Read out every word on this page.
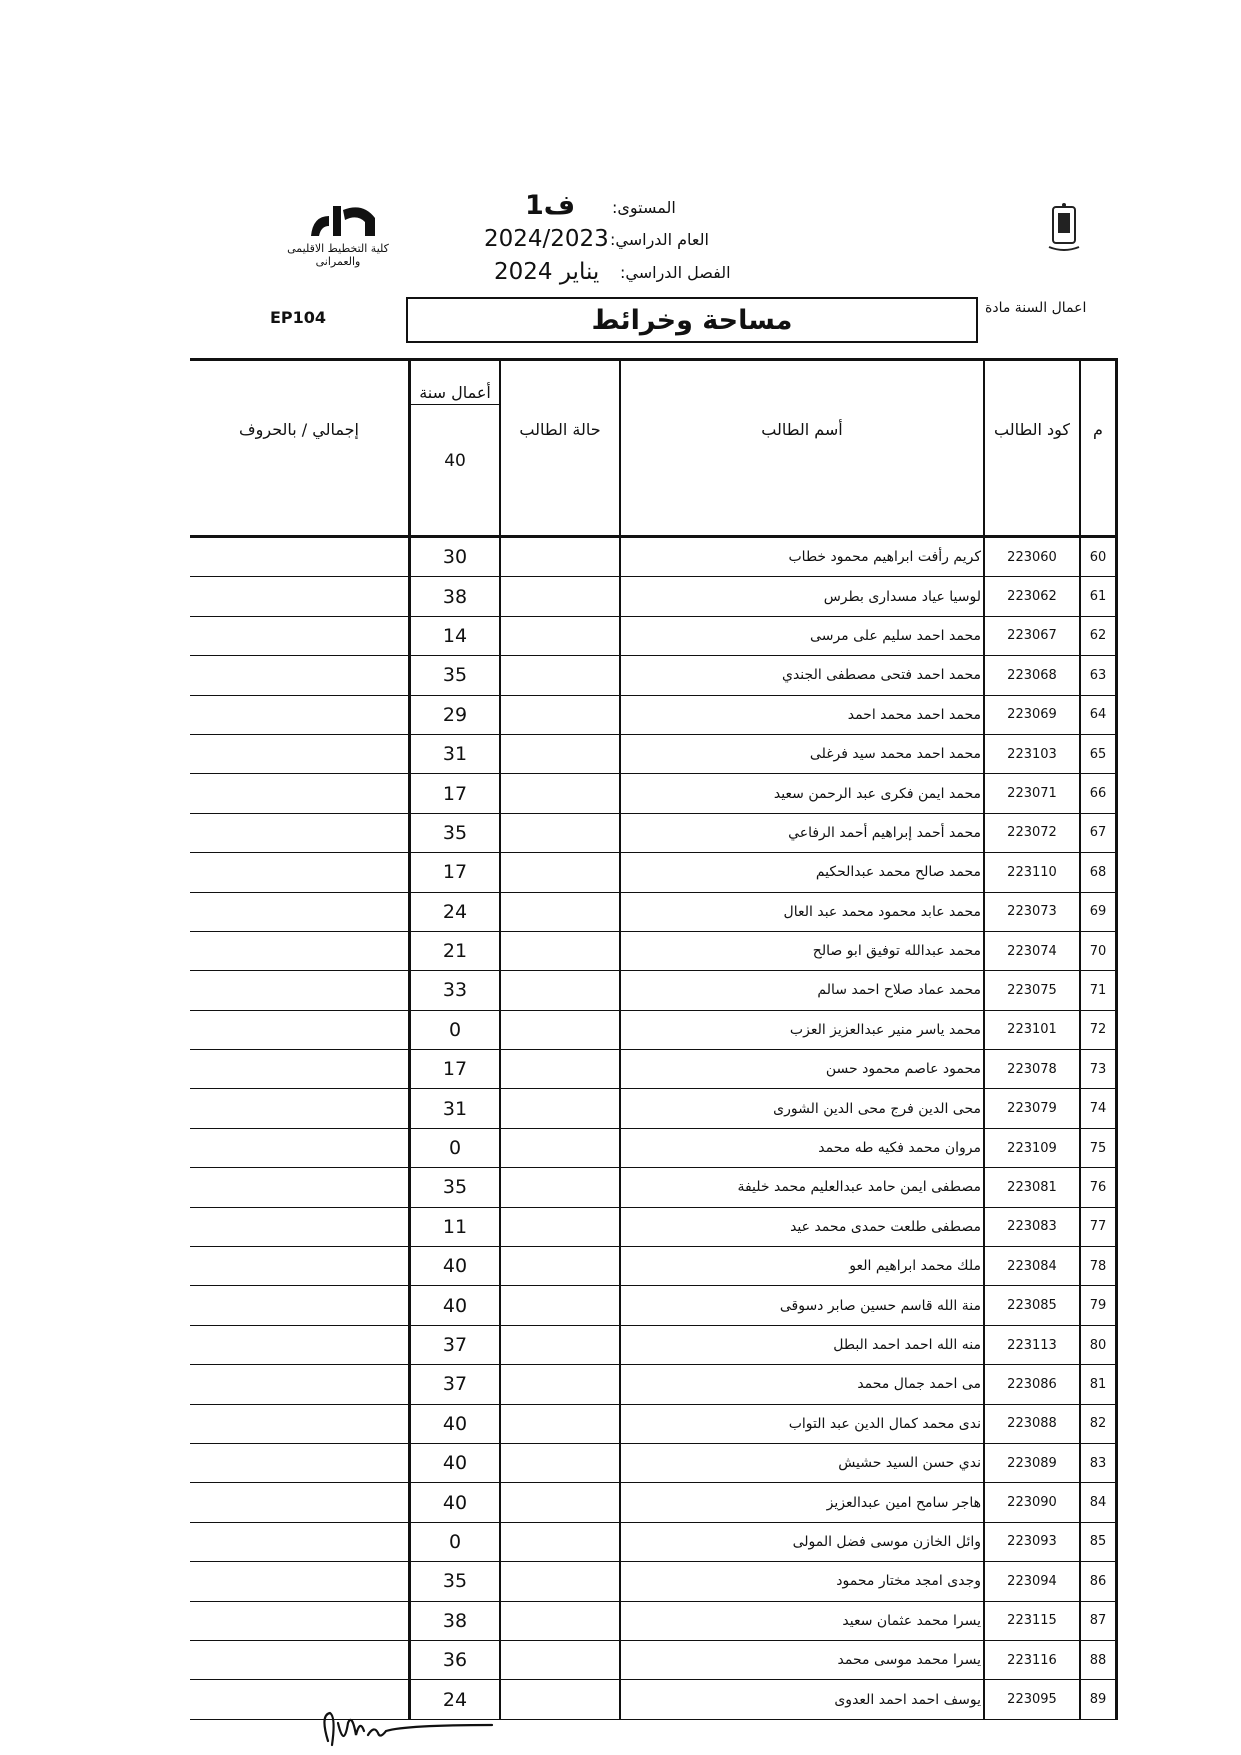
المستوى:
ف1
العام الدراسي:
2024/2023
الفصل الدراسي:
يناير 2024
اعمال السنة مادة
مساحة وخرائط
EP104
كلية التخطيط الاقليمى
والعمرانى
م	كود الطالب	أسم الطالب	حالة الطالب	أعمال سنة
40	إجمالي / بالحروف
60	223060	كريم رأفت ابراهيم محمود خطاب		30	
61	223062	لوسيا عياد مسدارى بطرس		38	
62	223067	محمد احمد سليم على مرسى		14	
63	223068	محمد احمد فتحى مصطفى الجندي		35	
64	223069	محمد احمد محمد احمد		29	
65	223103	محمد احمد محمد سيد فرغلى		31	
66	223071	محمد ايمن فكرى عبد الرحمن سعيد		17	
67	223072	محمد أحمد إبراهيم أحمد الرفاعي		35	
68	223110	محمد صالح محمد عبدالحكيم		17	
69	223073	محمد عابد محمود محمد عبد العال		24	
70	223074	محمد عبدالله توفيق ابو صالح		21	
71	223075	محمد عماد صلاح احمد سالم		33	
72	223101	محمد ياسر منير عبدالعزيز العزب		0	
73	223078	محمود عاصم محمود حسن		17	
74	223079	محى الدين فرج محى الدين الشورى		31	
75	223109	مروان محمد فكيه طه محمد		0	
76	223081	مصطفى ايمن حامد عبدالعليم محمد خليفة		35	
77	223083	مصطفى طلعت حمدى محمد عيد		11	
78	223084	ملك محمد ابراهيم العو		40	
79	223085	منة الله قاسم حسين صابر دسوقى		40	
80	223113	منه الله احمد احمد البطل		37	
81	223086	مى احمد جمال محمد		37	
82	223088	ندى محمد كمال الدين عبد التواب		40	
83	223089	ندي حسن السيد حشيش		40	
84	223090	هاجر سامح امين عبدالعزيز		40	
85	223093	وائل الخازن موسى فضل المولى		0	
86	223094	وجدى امجد مختار محمود		35	
87	223115	يسرا محمد عثمان سعيد		38	
88	223116	يسرا محمد موسى محمد		36	
89	223095	يوسف احمد احمد العدوى		24	
